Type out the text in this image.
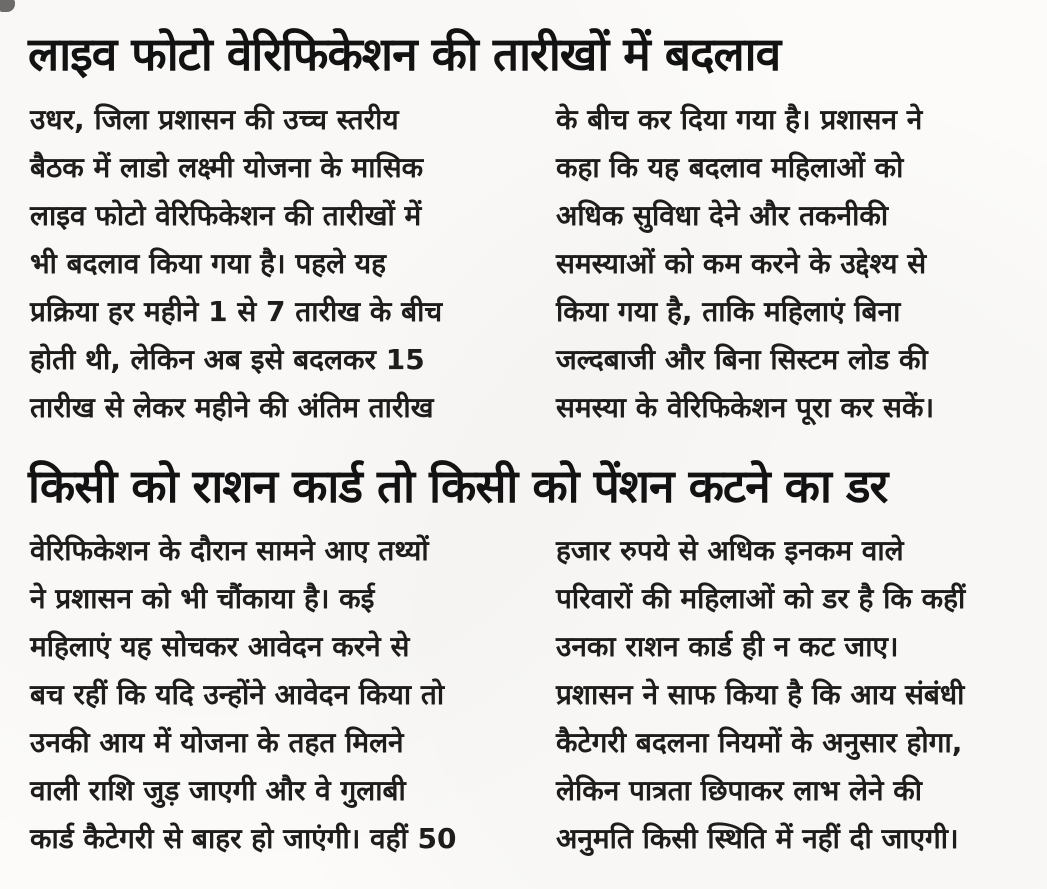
लाइव फोटो वेरिफिकेशन की तारीखों में बदलाव

उधर, जिला प्रशासन की उच्च स्तरीय

बैठक में लाडो लक्ष्मी योजना के मासिक

लाइव फोटो वेरिफिकेशन की तारीखों में

भी बदलाव किया गया है। पहले यह

प्रक्रिया हर महीने 1 से 7 तारीख के बीच

होती थी, लेकिन अब इसे बदलकर 15

तारीख से लेकर महीने की अंतिम तारीख

के बीच कर दिया गया है। प्रशासन ने

कहा कि यह बदलाव महिलाओं को

अधिक सुविधा देने और तकनीकी

समस्याओं को कम करने के उद्देश्य से

किया गया है, ताकि महिलाएं बिना

जल्दबाजी और बिना सिस्टम लोड की

समस्या के वेरिफिकेशन पूरा कर सकें।

किसी को राशन कार्ड तो किसी को पेंशन कटने का डर

वेरिफिकेशन के दौरान सामने आए तथ्यों

ने प्रशासन को भी चौंकाया है। कई

महिलाएं यह सोचकर आवेदन करने से

बच रहीं कि यदि उन्होंने आवेदन किया तो

उनकी आय में योजना के तहत मिलने

वाली राशि जुड़ जाएगी और वे गुलाबी

कार्ड कैटेगरी से बाहर हो जाएंगी। वहीं 50

हजार रुपये से अधिक इनकम वाले

परिवारों की महिलाओं को डर है कि कहीं

उनका राशन कार्ड ही न कट जाए।

प्रशासन ने साफ किया है कि आय संबंधी

कैटेगरी बदलना नियमों के अनुसार होगा,

लेकिन पात्रता छिपाकर लाभ लेने की

अनुमति किसी स्थिति में नहीं दी जाएगी।
